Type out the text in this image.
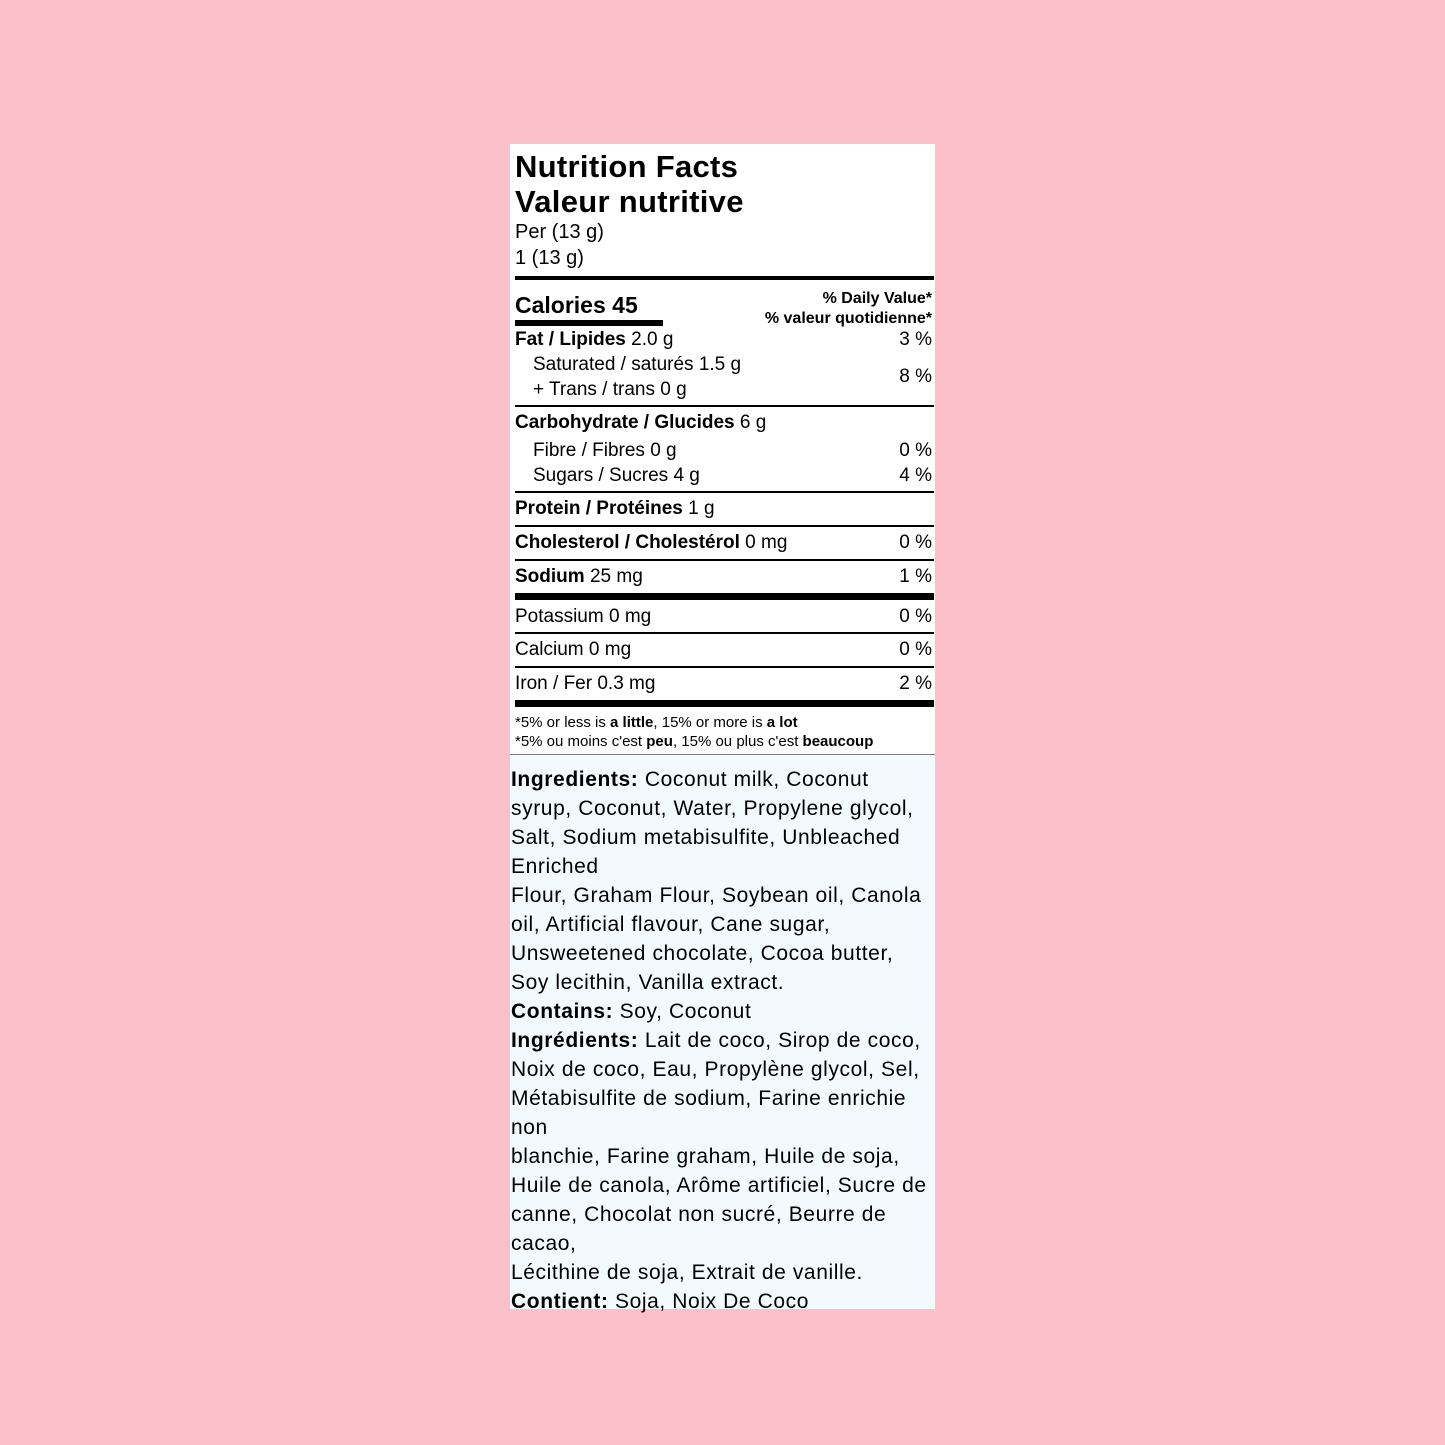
Nutrition Facts
Valeur nutritive
Per (13 g)
1 (13 g)
Calories 45	% Daily Value*
% valeur quotidienne*
Fat / Lipides 2.0 g	3 %
Saturated / saturés 1.5 g
+ Trans / trans 0 g
8 %
Carbohydrate / Glucides 6 g
Fibre / Fibres 0 g	0 %
Sugars / Sucres 4 g	4 %
Protein / Protéines 1 g
Cholesterol / Cholestérol 0 mg	0 %
Sodium 25 mg	1 %
Potassium 0 mg	0 %
Calcium 0 mg	0 %
Iron / Fer 0.3 mg	2 %
*5% or less is a little, 15% or more is a lot
*5% ou moins c'est peu, 15% ou plus c'est beaucoup

Ingredients: Coconut milk, Coconut syrup, Coconut, Water, Propylene glycol, Salt, Sodium metabisulfite, Unbleached Enriched

Flour, Graham Flour, Soybean oil, Canola oil, Artificial flavour, Cane sugar, Unsweetened chocolate, Cocoa butter, Soy lecithin, Vanilla extract.

Contains: Soy, Coconut

Ingrédients: Lait de coco, Sirop de coco, Noix de coco, Eau, Propylène glycol, Sel, Métabisulfite de sodium, Farine enrichie non

blanchie, Farine graham, Huile de soja, Huile de canola, Arôme artificiel, Sucre de canne, Chocolat non sucré, Beurre de cacao,

Lécithine de soja, Extrait de vanille.

Contient: Soja, Noix De Coco
